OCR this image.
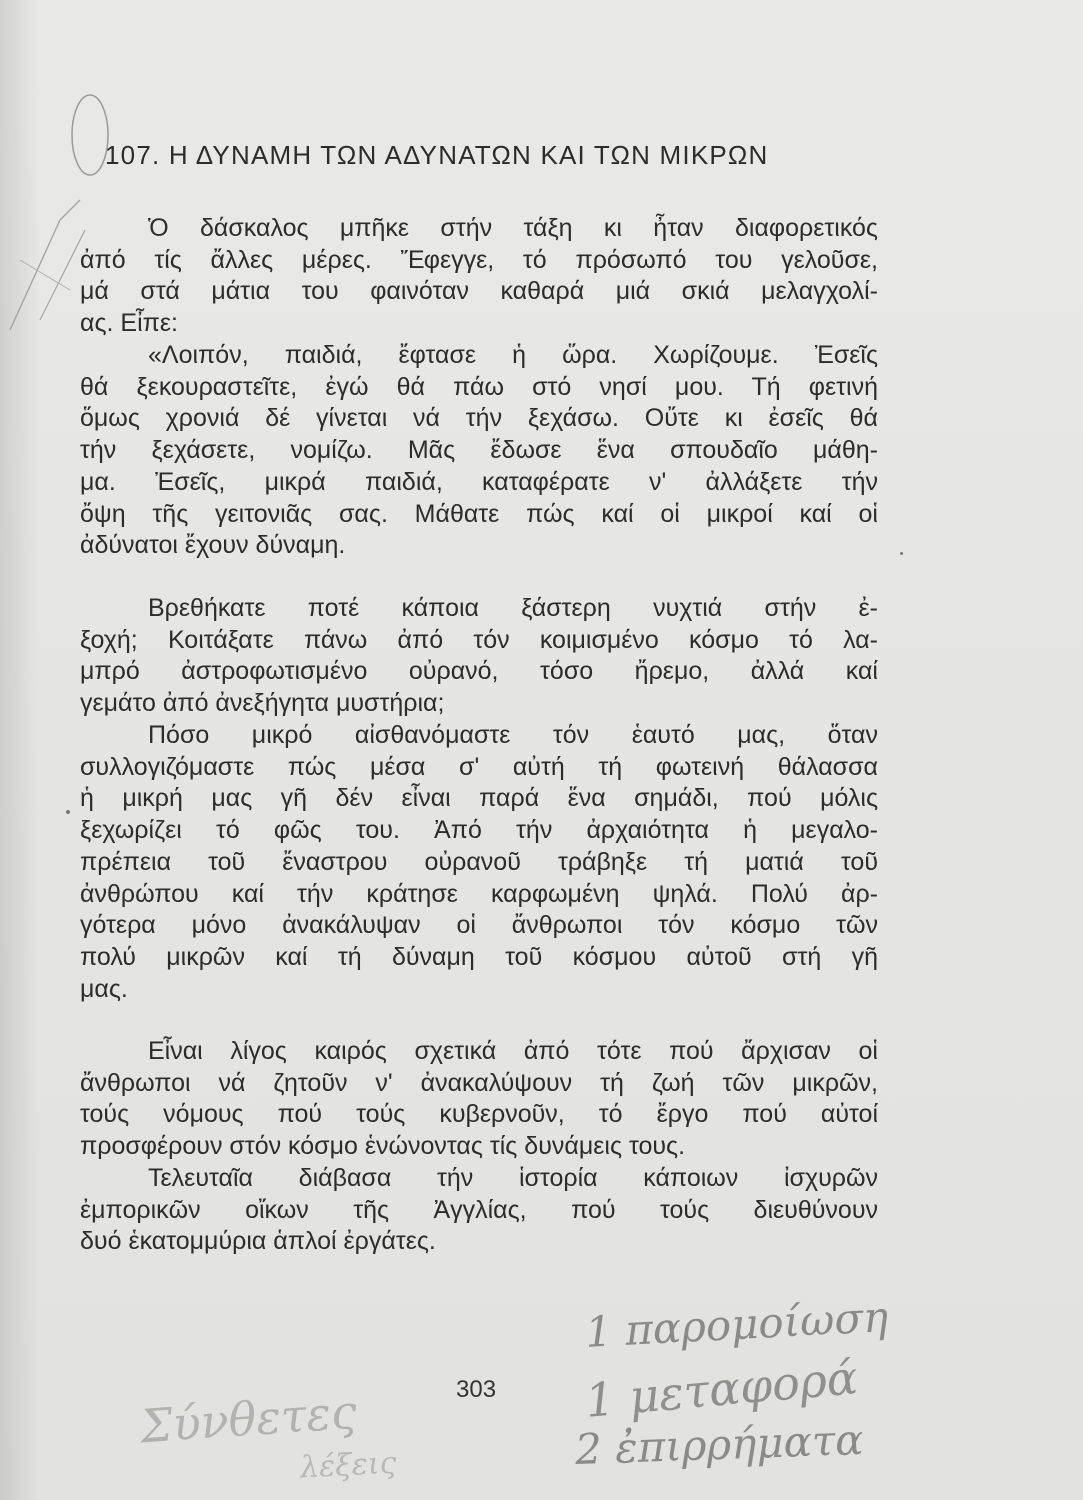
107. Η ΔΥΝΑΜΗ ΤΩΝ ΑΔΥΝΑΤΩΝ ΚΑΙ ΤΩΝ ΜΙΚΡΩΝ
Ὁ δάσκαλος μπῆκε στήν τάξη κι ἦταν διαφορετικός
ἀπό τίς ἄλλες μέρες. Ἔφεγγε, τό πρόσωπό του γελοῦσε,
μά στά μάτια του φαινόταν καθαρά μιά σκιά μελαγχολί-
ας. Εἶπε:
«Λοιπόν, παιδιά, ἔφτασε ἡ ὥρα. Χωρίζουμε. Ἐσεῖς
θά ξεκουραστεῖτε, ἐγώ θά πάω στό νησί μου. Τή φετινή
ὅμως χρονιά δέ γίνεται νά τήν ξεχάσω. Οὔτε κι ἐσεῖς θά
τήν ξεχάσετε, νομίζω. Μᾶς ἔδωσε ἕνα σπουδαῖο μάθη-
μα. Ἐσεῖς, μικρά παιδιά, καταφέρατε ν' ἀλλάξετε τήν
ὄψη τῆς γειτονιᾶς σας. Μάθατε πώς καί οἱ μικροί καί οἱ
ἀδύνατοι ἔχουν δύναμη.
Βρεθήκατε ποτέ κάποια ξάστερη νυχτιά στήν ἐ-
ξοχή; Κοιτάξατε πάνω ἀπό τόν κοιμισμένο κόσμο τό λα-
μπρό ἀστροφωτισμένο οὐρανό, τόσο ἤρεμο, ἀλλά καί
γεμάτο ἀπό ἀνεξήγητα μυστήρια;
Πόσο μικρό αἰσθανόμαστε τόν ἑαυτό μας, ὅταν
συλλογιζόμαστε πώς μέσα σ' αὐτή τή φωτεινή θάλασσα
ἡ μικρή μας γῆ δέν εἶναι παρά ἕνα σημάδι, πού μόλις
ξεχωρίζει τό φῶς του. Ἀπό τήν ἀρχαιότητα ἡ μεγαλο-
πρέπεια τοῦ ἔναστρου οὐρανοῦ τράβηξε τή ματιά τοῦ
ἀνθρώπου καί τήν κράτησε καρφωμένη ψηλά. Πολύ ἀρ-
γότερα μόνο ἀνακάλυψαν οἱ ἄνθρωποι τόν κόσμο τῶν
πολύ μικρῶν καί τή δύναμη τοῦ κόσμου αὐτοῦ στή γῆ
μας.
Εἶναι λίγος καιρός σχετικά ἀπό τότε πού ἄρχισαν οἱ
ἄνθρωποι νά ζητοῦν ν' ἀνακαλύψουν τή ζωή τῶν μικρῶν,
τούς νόμους πού τούς κυβερνοῦν, τό ἔργο πού αὐτοί
προσφέρουν στόν κόσμο ἑνώνοντας τίς δυνάμεις τους.
Τελευταῖα διάβασα τήν ἱστορία κάποιων ἰσχυρῶν
ἐμπορικῶν οἴκων τῆς Ἀγγλίας, πού τούς διευθύνουν
δυό ἑκατομμύρια ἁπλοί ἐργάτες.
303
1 παρομοίωση
1 μεταφορά
2 ἐπιρρήματα
Σύνθετες
λέξεις
